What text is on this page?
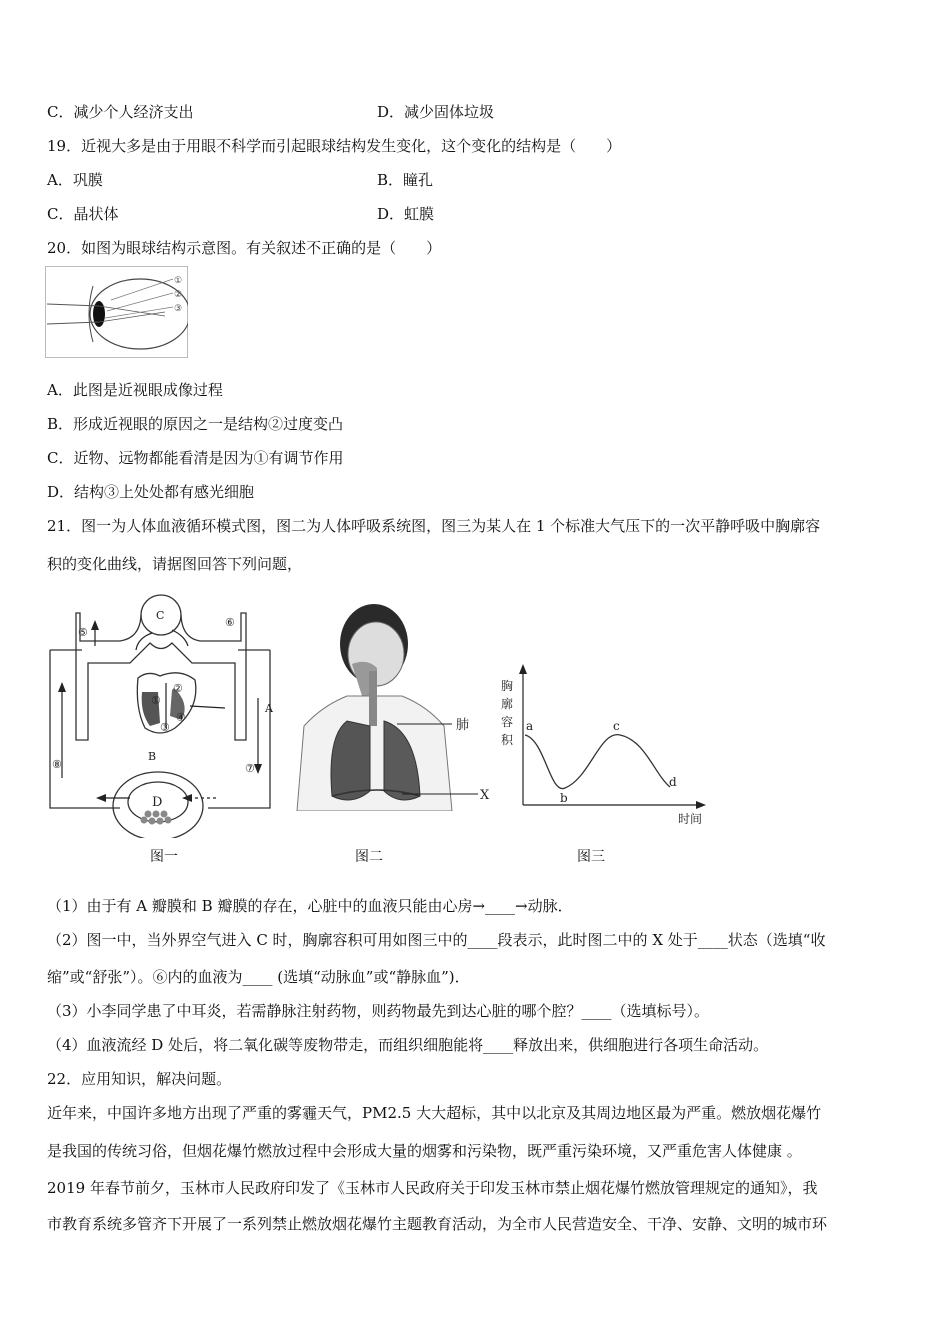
C．减少个人经济支出	D．减少固体垃圾
19．近视大多是由于用眼不科学而引起眼球结构发生变化，这个变化的结构是（　　）
A．巩膜	B．瞳孔
C．晶状体	D．虹膜
20．如图为眼球结构示意图。有关叙述不正确的是（　　）
①
②
③
A．此图是近视眼成像过程
B．形成近视眼的原因之一是结构②过度变凸
C．近物、远物都能看清是因为①有调节作用
D．结构③上处处都有感光细胞
21．图一为人体血液循环模式图，图二为人体呼吸系统图，图三为某人在 1 个标准大气压下的一次平静呼吸中胸廓容
积的变化曲线，请据图回答下列问题，
C
D
A
B
①
②
③
④
⑤
⑥
⑦
⑧
图一
肺
X
图二
胸
廓
容
积
时间
a
b
c
d
图三
（1）由于有 A 瓣膜和 B 瓣膜的存在，心脏中的血液只能由心房→____→动脉．
（2）图一中，当外界空气进入 C 时，胸廓容积可用如图三中的____段表示，此时图二中的 X 处于____状态（选填“收
缩”或“舒张”）。⑥内的血液为____ (选填“动脉血”或“静脉血”)．
（3）小李同学患了中耳炎，若需静脉注射药物，则药物最先到达心脏的哪个腔？____（选填标号）。
（4）血液流经 D 处后，将二氧化碳等废物带走，而组织细胞能将____释放出来，供细胞进行各项生命活动。
22．应用知识，解决问题。
近年来，中国许多地方出现了严重的雾霾天气，PM2.5 大大超标，其中以北京及其周边地区最为严重。燃放烟花爆竹
是我国的传统习俗，但烟花爆竹燃放过程中会形成大量的烟雾和污染物，既严重污染环境，又严重危害人体健康 。
2019 年春节前夕，玉林市人民政府印发了《玉林市人民政府关于印发玉林市禁止烟花爆竹燃放管理规定的通知》，我
市教育系统多管齐下开展了一系列禁止燃放烟花爆竹主题教育活动，为全市人民营造安全、干净、安静、文明的城市环
